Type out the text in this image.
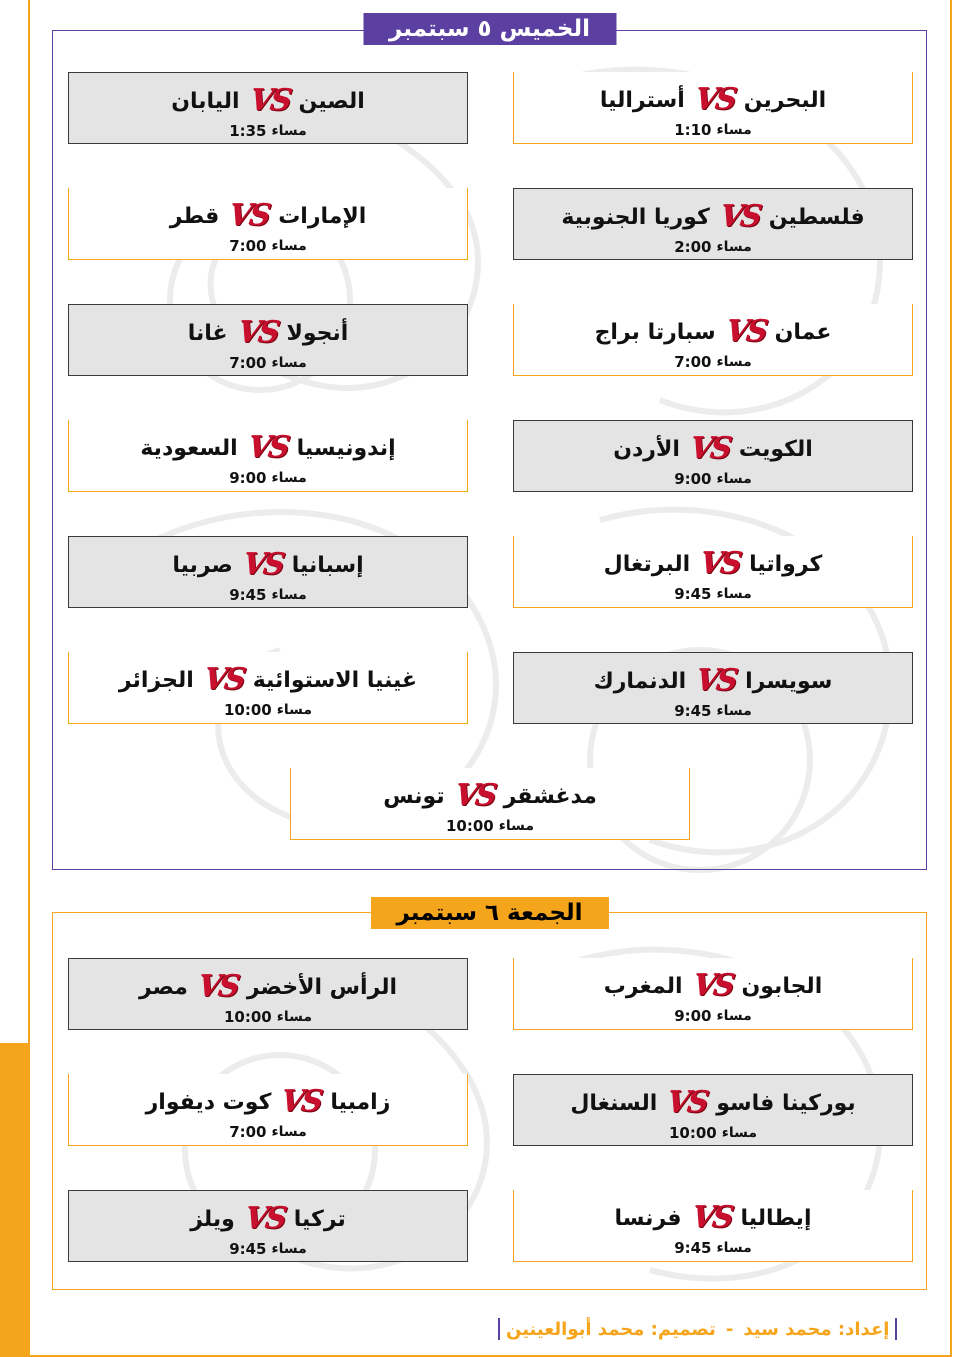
الخميس ٥ سبتمبر
الجمعة ٦ سبتمبر
أستراليا VS البحرين
مساء
1:10
اليابان VS الصين
مساء
1:35
كوريا الجنوبية VS فلسطين
مساء
2:00
قطر VS الإمارات
مساء
7:00
سبارتا براج VS عمان
مساء
7:00
غانا VS أنجولا
مساء
7:00
الأردن VS الكويت
مساء
9:00
السعودية VS إندونيسيا
مساء
9:00
البرتغال VS كرواتيا
مساء
9:45
صربيا VS إسبانيا
مساء
9:45
الدنمارك VS سويسرا
مساء
9:45
الجزائر VS غينيا الاستوائية
مساء
10:00
تونس VS مدغشقر
مساء
10:00
المغرب VS الجابون
مساء
9:00
مصر VS الرأس الأخضر
مساء
10:00
السنغال VS بوركينا فاسو
مساء
10:00
كوت ديفوار VS زامبيا
مساء
7:00
فرنسا VS إيطاليا
مساء
9:45
ويلز VS تركيا
مساء
9:45
إعداد: محمد سيد
-
تصميم: محمد أبوالعينين
